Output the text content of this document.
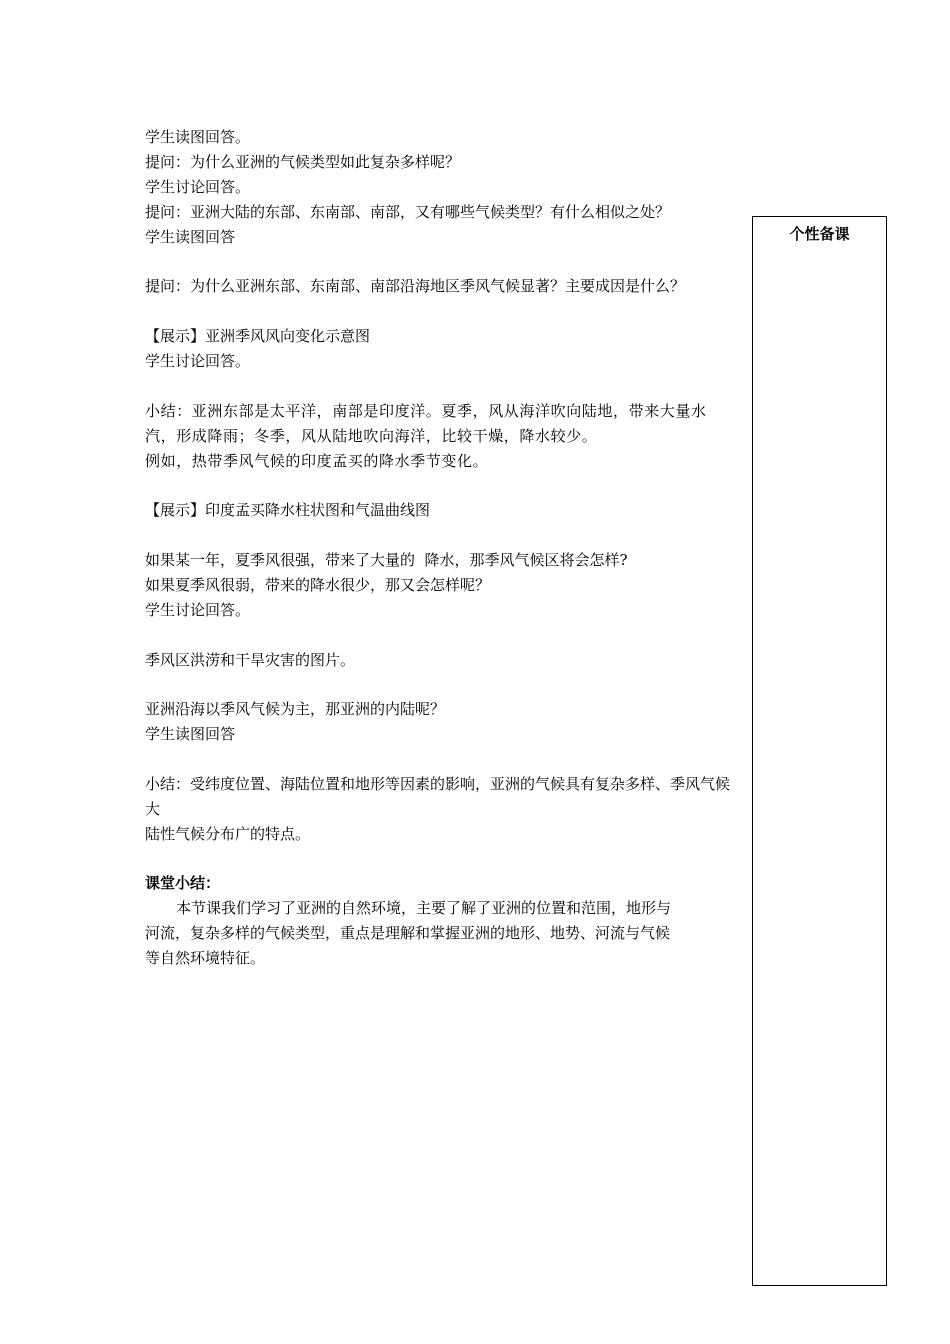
学生读图回答。
提问：为什么亚洲的气候类型如此复杂多样呢？
学生讨论回答。
提问：亚洲大陆的东部、东南部、南部，又有哪些气候类型？有什么相似之处？
学生读图回答
提问：为什么亚洲东部、东南部、南部沿海地区季风气候显著？主要成因是什么？
【展示】亚洲季风风向变化示意图
学生讨论回答。
小结：亚洲东部是太平洋，南部是印度洋。夏季，风从海洋吹向陆地，带来大量水
汽，形成降雨；冬季，风从陆地吹向海洋，比较干燥，降水较少。
例如，热带季风气候的印度孟买的降水季节变化。
【展示】印度孟买降水柱状图和气温曲线图
如果某一年，夏季风很强，带来了大量的  降水，那季风气候区将会怎样?
如果夏季风很弱，带来的降水很少，那又会怎样呢？
学生讨论回答。
季风区洪涝和干旱灾害的图片。
亚洲沿海以季风气候为主，那亚洲的内陆呢？
学生读图回答
小结：受纬度位置、海陆位置和地形等因素的影响，亚洲的气候具有复杂多样、季风气候
大
陆性气候分布广的特点。
课堂小结：
本节课我们学习了亚洲的自然环境，主要了解了亚洲的位置和范围，地形与
河流，复杂多样的气候类型，重点是理解和掌握亚洲的地形、地势、河流与气候
等自然环境特征。
个性备课
